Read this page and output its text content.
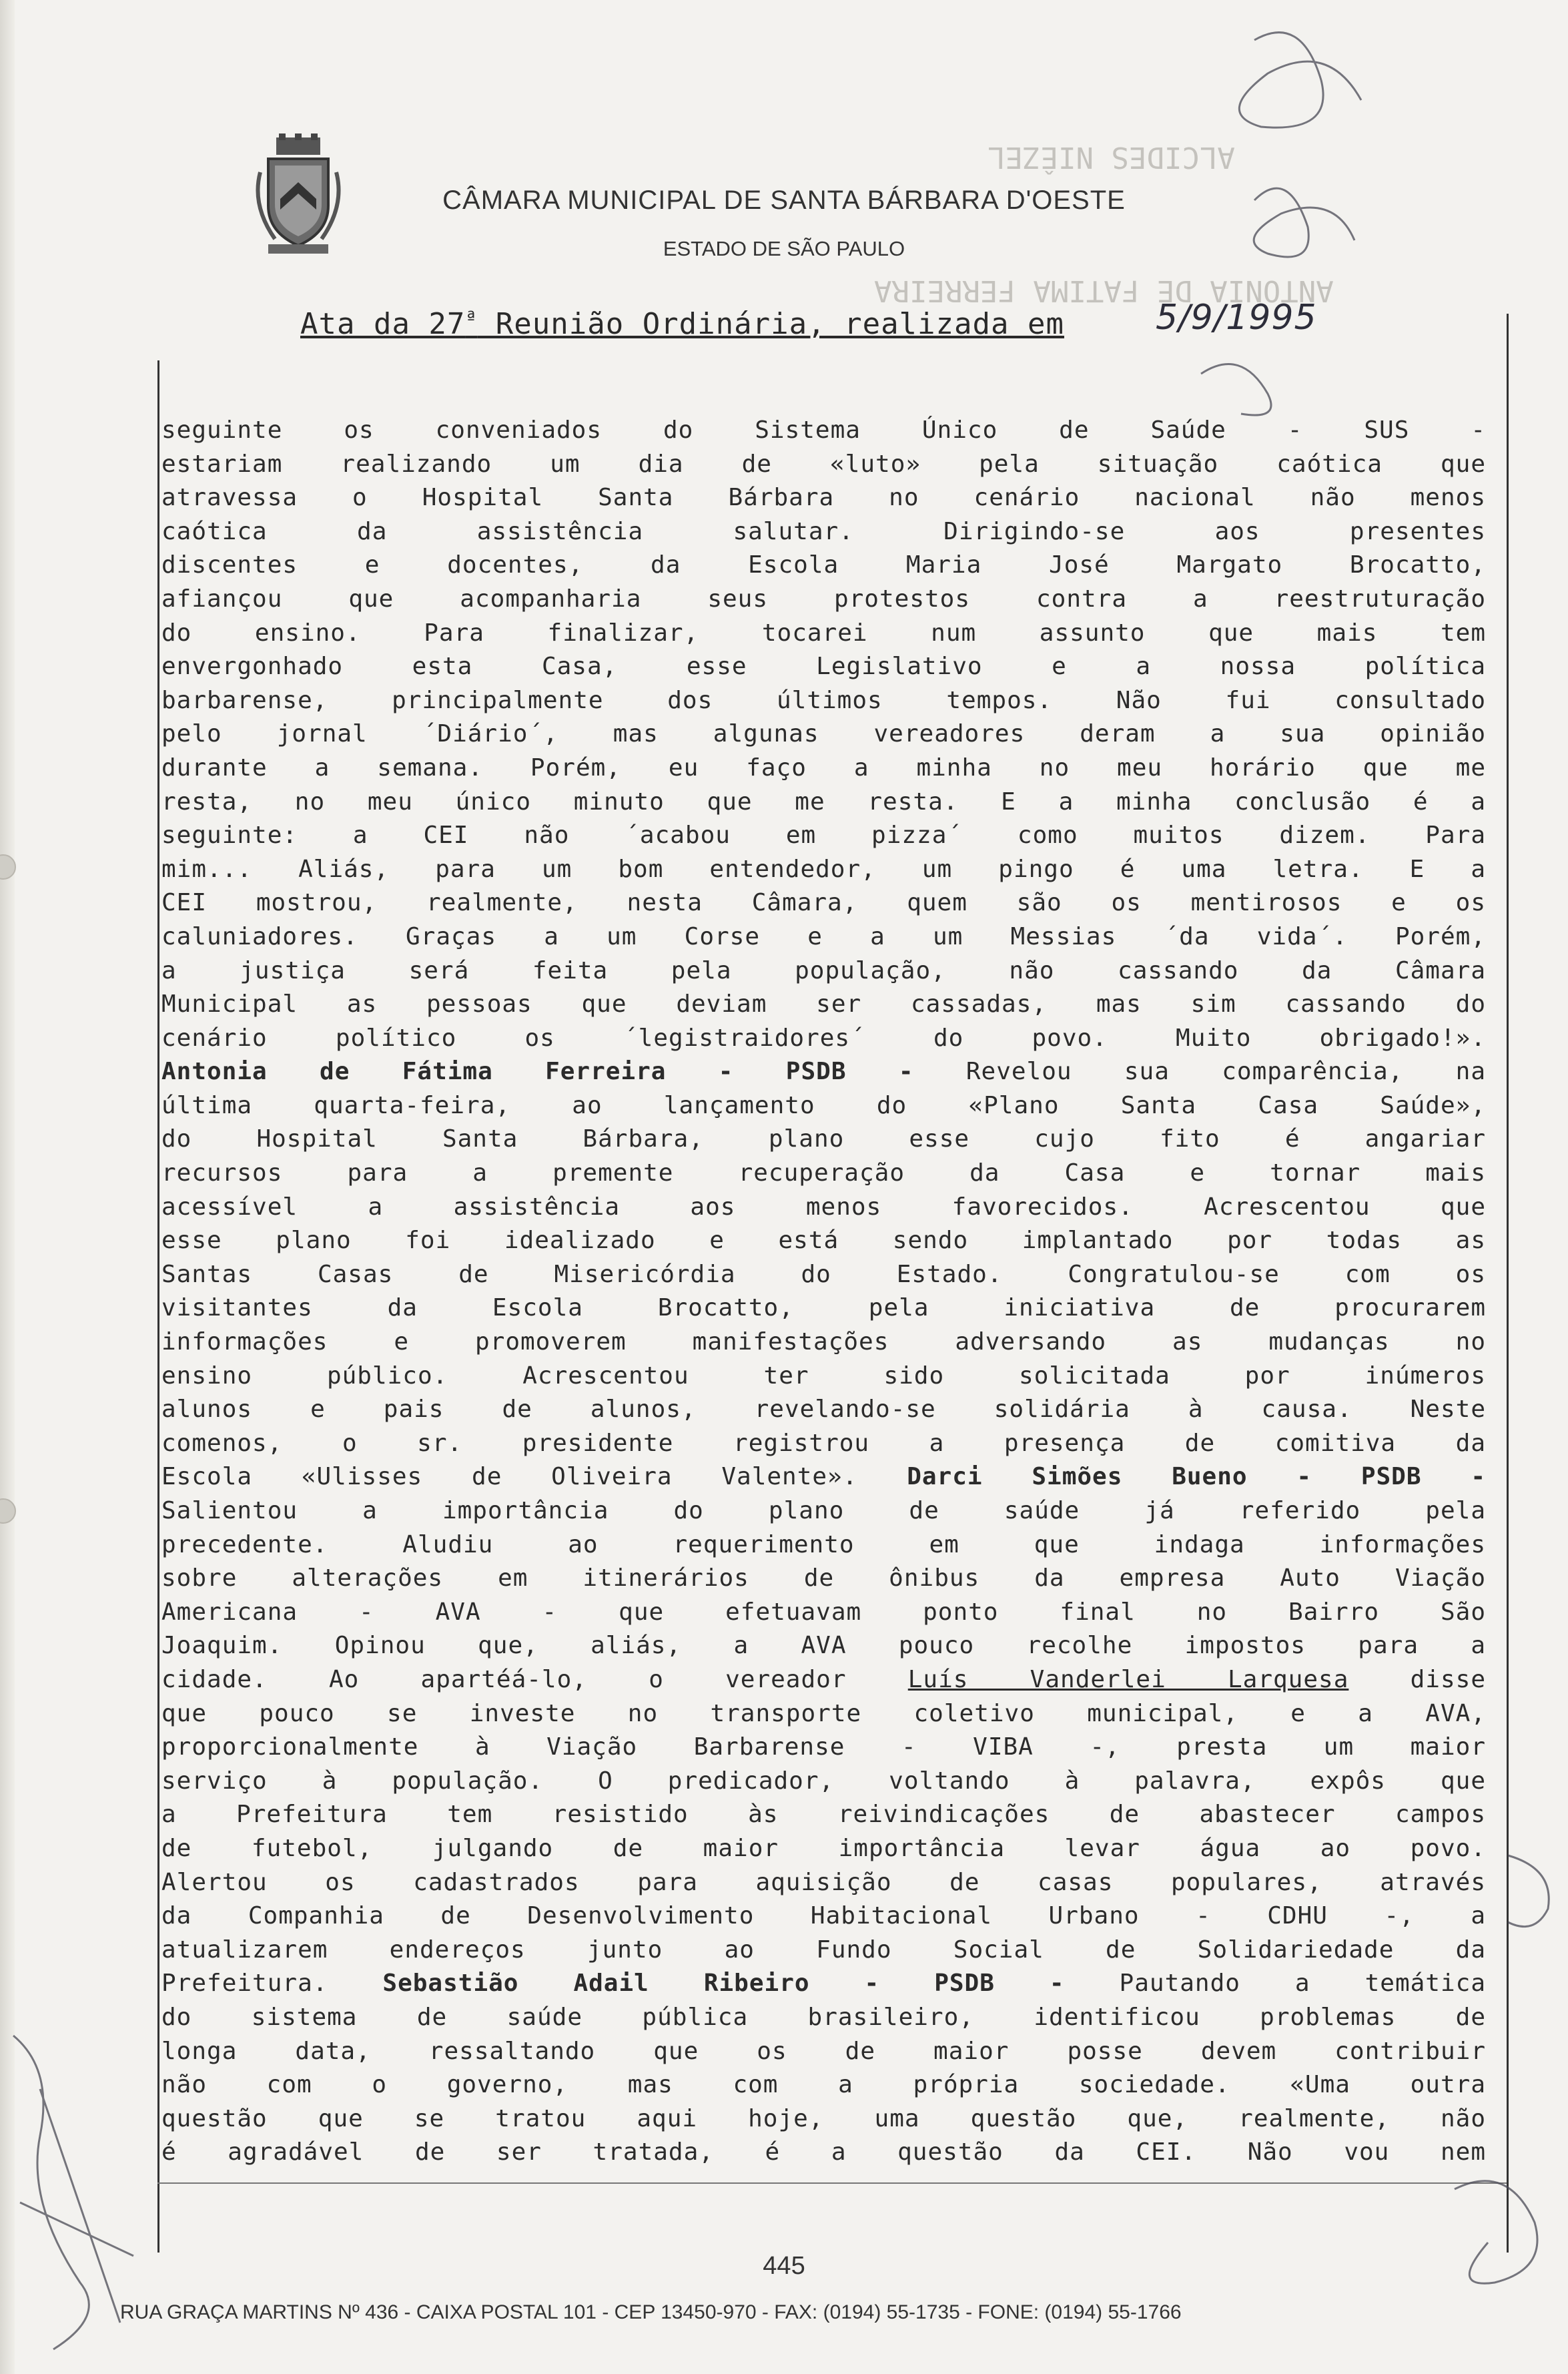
ALCIDES NIÊZEL
ANTONIA DE FATIMA FERREIRA
CÂMARA MUNICIPAL DE SANTA BÁRBARA D'OESTE
ESTADO DE SÃO PAULO
Ata da $27^ª$ Reunião Ordinária, realizada em	5/9/1995
seguinte os conveniados do Sistema Único de Saúde - SUS -
estariam realizando um dia de «luto» pela situação caótica que
atravessa o Hospital Santa Bárbara no cenário nacional não menos
caótica da assistência salutar. Dirigindo-se aos presentes
discentes e docentes, da Escola Maria José Margato Brocatto,
afiançou que acompanharia seus protestos contra a reestruturação
do ensino. Para finalizar, tocarei num assunto que mais tem
envergonhado esta Casa, esse Legislativo e a nossa política
barbarense, principalmente dos últimos tempos. Não fui consultado
pelo jornal ´Diário´, mas algunas vereadores deram a sua opinião
durante a semana. Porém, eu faço a minha no meu horário que me
resta, no meu único minuto que me resta. E a minha conclusão é a
seguinte: a CEI não ´acabou em pizza´ como muitos dizem. Para
mim... Aliás, para um bom entendedor, um pingo é uma letra. E a
CEI mostrou, realmente, nesta Câmara, quem são os mentirosos e os
caluniadores. Graças a um Corse e a um Messias ´da vida´. Porém,
a justiça será feita pela população, não cassando da Câmara
Municipal as pessoas que deviam ser cassadas, mas sim cassando do
cenário político os ´legistraidores´ do povo. Muito obrigado!».
Antonia de Fátima Ferreira - PSDB - Revelou sua comparência, na
última quarta-feira, ao lançamento do «Plano Santa Casa Saúde»,
do Hospital Santa Bárbara, plano esse cujo fito é angariar
recursos para a premente recuperação da Casa e tornar mais
acessível a assistência aos menos favorecidos. Acrescentou que
esse plano foi idealizado e está sendo implantado por todas as
Santas Casas de Misericórdia do Estado. Congratulou-se com os
visitantes da Escola Brocatto, pela iniciativa de procurarem
informações e promoverem manifestações adversando as mudanças no
ensino público. Acrescentou ter sido solicitada por inúmeros
alunos e pais de alunos, revelando-se solidária à causa. Neste
comenos, o sr. presidente registrou a presença de comitiva da
Escola «Ulisses de Oliveira Valente». Darci Simões Bueno - PSDB -
Salientou a importância do plano de saúde já referido pela
precedente. Aludiu ao requerimento em que indaga informações
sobre alterações em itinerários de ônibus da empresa Auto Viação
Americana - AVA - que efetuavam ponto final no Bairro São
Joaquim. Opinou que, aliás, a AVA pouco recolhe impostos para a
cidade. Ao apartéá-lo, o vereador Luís Vanderlei Larquesa disse
que pouco se investe no transporte coletivo municipal, e a AVA,
proporcionalmente à Viação Barbarense - VIBA -, presta um maior
serviço à população. O predicador, voltando à palavra, expôs que
a Prefeitura tem resistido às reivindicações de abastecer campos
de futebol, julgando de maior importância levar água ao povo.
Alertou os cadastrados para aquisição de casas populares, através
da Companhia de Desenvolvimento Habitacional Urbano - CDHU -, a
atualizarem endereços junto ao Fundo Social de Solidariedade da
Prefeitura. Sebastião Adail Ribeiro - PSDB - Pautando a temática
do sistema de saúde pública brasileiro, identificou problemas de
longa data, ressaltando que os de maior posse devem contribuir
não com o governo, mas com a própria sociedade. «Uma outra
questão que se tratou aqui hoje, uma questão que, realmente, não
é agradável de ser tratada, é a questão da CEI. Não vou nem
445
RUA GRAÇA MARTINS Nº 436 - CAIXA POSTAL 101 - CEP 13450-970 - FAX: (0194) 55-1735 - FONE: (0194) 55-1766
